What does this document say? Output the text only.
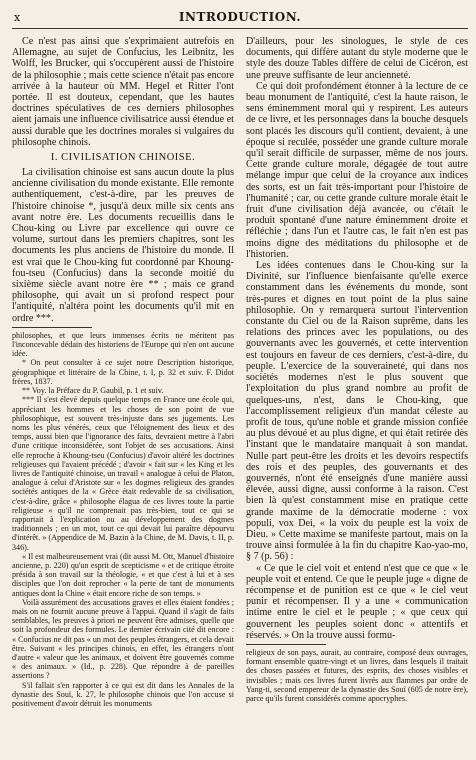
x	INTRODUCTION.

Ce n'est pas ainsi que s'exprimaient autrefois en Allemagne, au sujet de Confucius, les Leibnitz, les Wolff, les Brucker, qui s'occupèrent aussi de l'histoire de la philosophie ; mais cette science n'était pas encore arrivée à la hauteur où MM. Hegel et Ritter l'ont portée. Il est douteux, cependant, que les hautes doctrines spéculatives de ces derniers philosophes aient jamais une influence civilisatrice aussi étendue et aussi durable que les doctrines morales si vulgaires du philosophe chinois.

I. CIVILISATION CHINOISE.

La civilisation chinoise est sans aucun doute la plus ancienne civilisation du monde existante. Elle remonte authentiquement, c'est-à-dire, par les preuves de l'histoire chinoise *, jusqu'à deux mille six cents ans avant notre ère. Les documents recueillis dans le Chou-king ou Livre par excellence qui ouvre ce volume, surtout dans les premiers chapitres, sont les documents les plus anciens de l'histoire du monde. Il est vrai que le Chou-king fut coordonné par Khoung-fou-tseu (Confucius) dans la seconde moitié du sixième siècle avant notre ère ** ; mais ce grand philosophe, qui avait un si profond respect pour l'antiquité, n'altéra point les documents qu'il mit en ordre ***.

philosophes, et que leurs immenses écrits ne méritent pas l'inconcevable dédain des historiens de l'Europe qui n'en ont aucune idée.

* On peut consulter à ce sujet notre Description historique, géographique et littéraire de la Chine, t. I, p. 32 et suiv. F. Didot frères, 1837.

** Voy. la Préface du P. Gaubil, p. 1 et suiv.

*** Il s'est élevé depuis quelque temps en France une école qui, appréciant les hommes et les choses de son point de vue philosophique, est souvent très-injuste dans ses jugements. Les noms les plus vénérés, ceux que l'éloignement des lieux et des temps, aussi bien que l'ignorance des faits, devraient mettre à l'abri d'une critique inconsidérée, sont l'objet de ses accusations. Ainsi elle reproche à Khoung-tseu (Confucius) d'avoir altéré les doctrines religieuses qui l'avaient précédé ; d'avoir « fait sur « les King et les livres de l'antiquité chinoise, un travail « analogue à celui de Platon, analogue à celui d'Aristote sur « les dogmes religieux des grandes sociétés antiques de la « Grèce était redevable de sa civilisation, c'est-à-dire, grâce « philosophe élagua de ces livres toute la partie religieuse « qu'il ne comprenait pas très-bien, tout ce qui se rapportait à l'explication ou au développement des dogmes traditionnels ; en un mot, tout ce qui devait lui paraître dépourvu d'intérêt. » (Appendice de M. Bazin à la Chine, de M. Davis, t. II, p. 346).

« Il est malheureusement vrai (dit aussi M. Ott, Manuel d'histoire ancienne, p. 220) qu'un esprit de scepticisme « et de critique étroite présida à son travail sur la théologie, « et que c'est à lui et à ses disciples que l'on doit reprocher « la perte de tant de monuments antiques dont la Chine « était encore riche de son temps. »

Voilà assurément des accusations graves et elles étaient fondées ; mais on ne fournit aucune preuve à l'appui. Quand il s'agit de faits semblables, les preuves à priori ne peuvent être admises, quelle que soit la profondeur des formules. Le dernier écrivain cité dit encore : « Confucius ne dit pas « un mot des peuples étrangers, et cela devait être. Suivant « les principes chinois, en effet, les étrangers n'ont d'autre « valeur que les animaux, et doivent être gouvernés comme « des animaux. » (Id., p. 228). Que répondre à de pareilles assertions ?

S'il fallait s'en rapporter à ce qui est dit dans les Annales de la dynastie des Souï, k. 27, le philosophe chinois que l'on accuse si positivement d'avoir détruit les monuments

D'ailleurs, pour les sinologues, le style de ces documents, qui diffère autant du style moderne que le style des douze Tables diffère de celui de Cicéron, est une preuve suffisante de leur ancienneté.

Ce qui doit profondément étonner à la lecture de ce beau monument de l'antiquité, c'est la haute raison, le sens éminemment moral qui y respirent. Les auteurs de ce livre, et les personnages dans la bouche desquels sont placés les discours qu'il contient, devaient, à une époque si reculée, posséder une grande culture morale qu'il serait difficile de surpasser, même de nos jours. Cette grande culture morale, dégagée de tout autre mélange impur que celui de la croyance aux indices des sorts, est un fait très-important pour l'histoire de l'humanité ; car, ou cette grande culture morale était le fruit d'une civilisation déjà avancée, ou c'était le produit spontané d'une nature éminemment droite et réfléchie ; dans l'un et l'autre cas, le fait n'en est pas moins digne des méditations du philosophe et de l'historien.

Les idées contenues dans le Chou-king sur la Divinité, sur l'influence bienfaisante qu'elle exerce constamment dans les événements du monde, sont très-pures et dignes en tout point de la plus saine philosophie. On y remarquera surtout l'intervention constante du Ciel ou de la Raison suprême, dans les relations des princes avec les populations, ou des gouvernants avec les gouvernés, et cette intervention est toujours en faveur de ces derniers, c'est-à-dire, du peuple. L'exercice de la souveraineté, qui dans nos sociétés modernes n'est le plus souvent que l'exploitation du plus grand nombre au profit de quelques-uns, n'est, dans le Chou-king, que l'accomplissement religieux d'un mandat céleste au profit de tous, qu'une noble et grande mission confiée au plus dévoué et au plus digne, et qui était retirée dès l'instant que le mandataire manquait à son mandat. Nulle part peut-être les droits et les devoirs respectifs des rois et des peuples, des gouvernants et des gouvernés, n'ont été enseignés d'une manière aussi élevée, aussi digne, aussi conforme à la raison. C'est bien là qu'est constamment mise en pratique cette grande maxime de la démocratie moderne : vox populi, vox Dei, « la voix du peuple est la voix de Dieu. » Cette maxime se manifeste partout, mais on la trouve ainsi formulée à la fin du chapitre Kao-yao-mo, § 7 (p. 56) :

« Ce que le ciel voit et entend n'est que ce que « le peuple voit et entend. Ce que le peuple juge « digne de récompense et de punition est ce que « le ciel veut punir et récompenser. Il y a une « communication intime entre le ciel et le peuple ; « que ceux qui gouvernent les peuples soient donc « attentifs et réservés. » On la trouve aussi formu-

religieux de son pays, aurait, au contraire, composé deux ouvrages, formant ensemble quatre-vingt et un livres, dans lesquels il traitait des choses passées et futures, des esprits, des choses visibles et invisibles ; mais ces livres furent livrés aux flammes par ordre de Yang-ti, second empereur de la dynastie des Souï (605 de notre ère), parce qu'ils furent considérés comme apocryphes.
